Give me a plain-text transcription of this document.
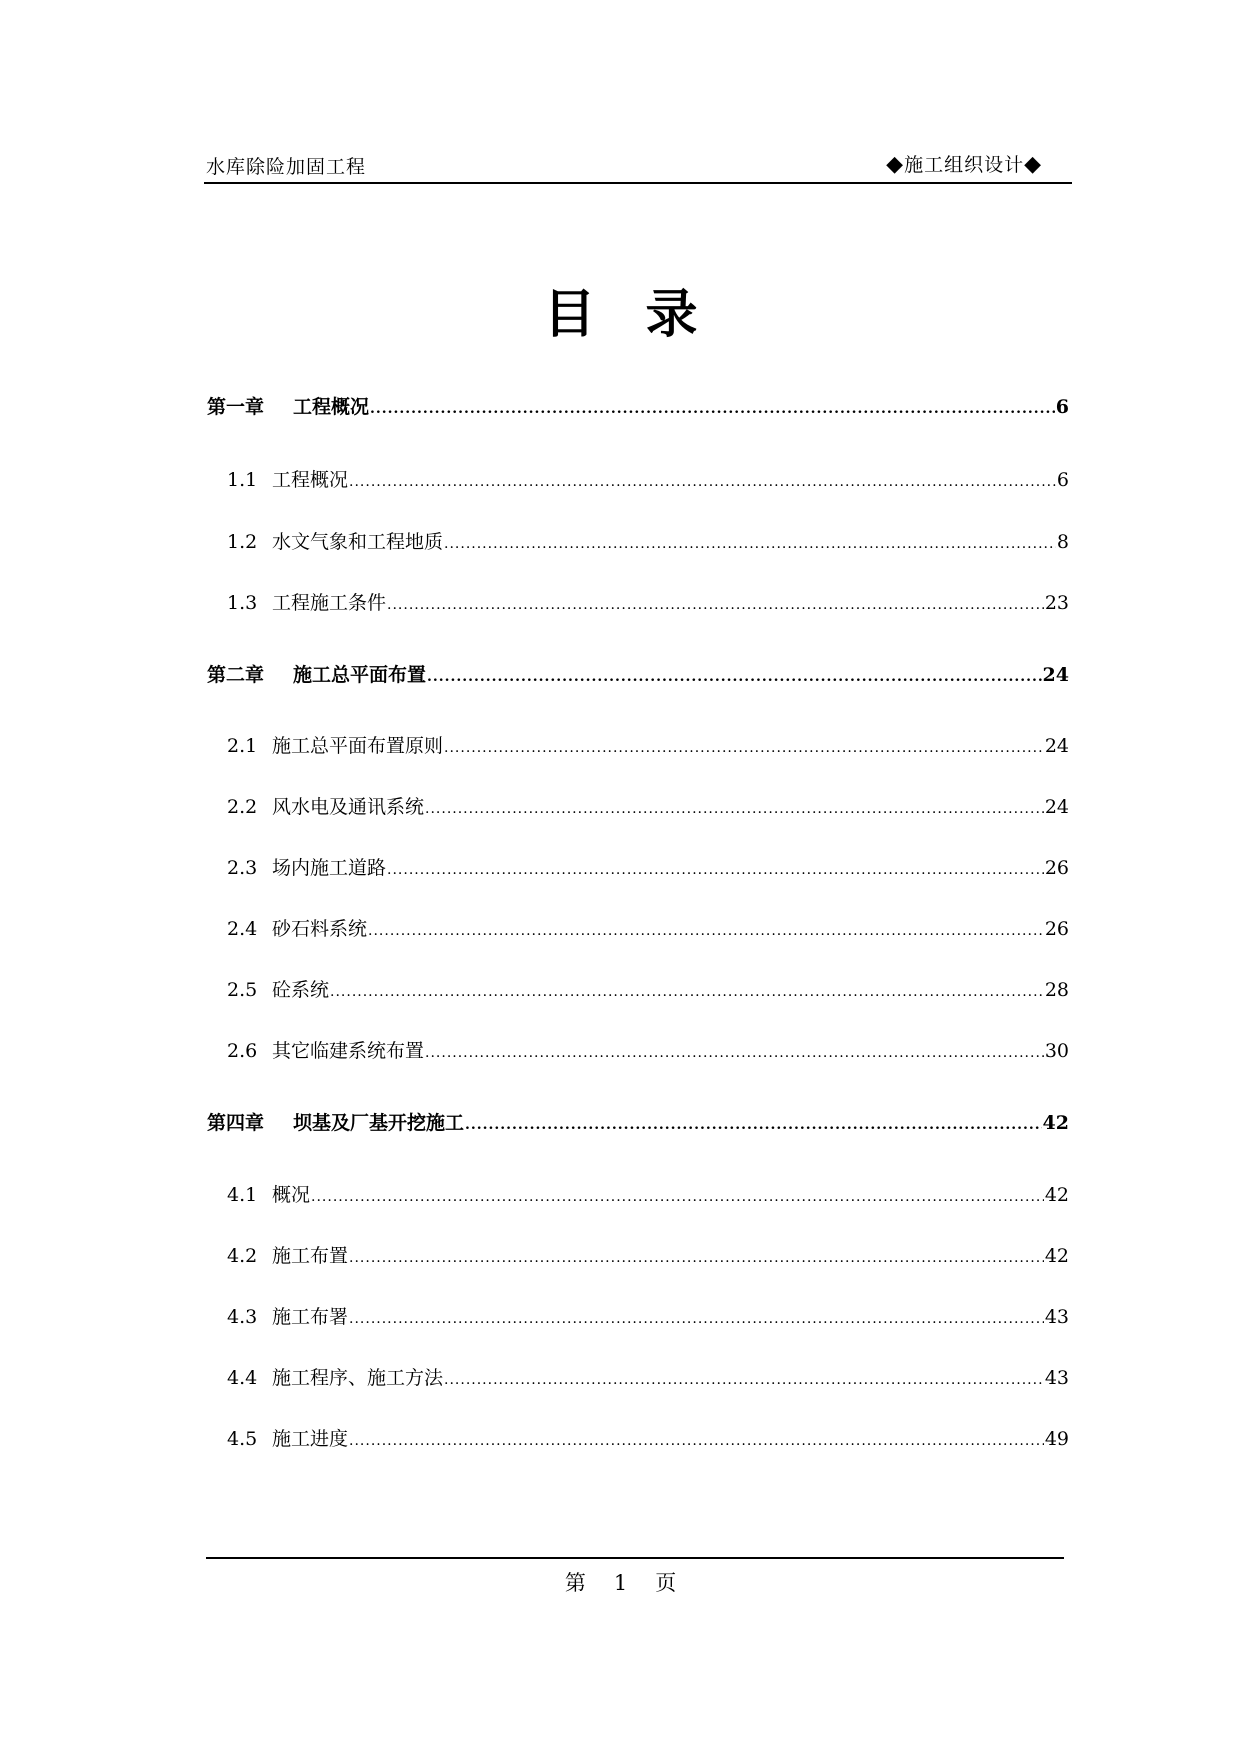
水库除险加固工程	◆施工组织设计◆
目录
第一章	工程概况 .....	6
1.1 工程概况 .....	6
1.2 水文气象和工程地质 .....	8
1.3 工程施工条件 .....	23
第二章	施工总平面布置 .....	24
2.1 施工总平面布置原则 .....	24
2.2 风水电及通讯系统 .....	24
2.3 场内施工道路 .....	26
2.4 砂石料系统 .....	26
2.5 砼系统 .....	28
2.6 其它临建系统布置 .....	30
第四章	坝基及厂基开挖施工 .....	42
4.1 概况 .....	42
4.2 施工布置 .....	42
4.3 施工布署 .....	43
4.4 施工程序、施工方法 .....	43
4.5 施工进度 .....	49
第 1 页
